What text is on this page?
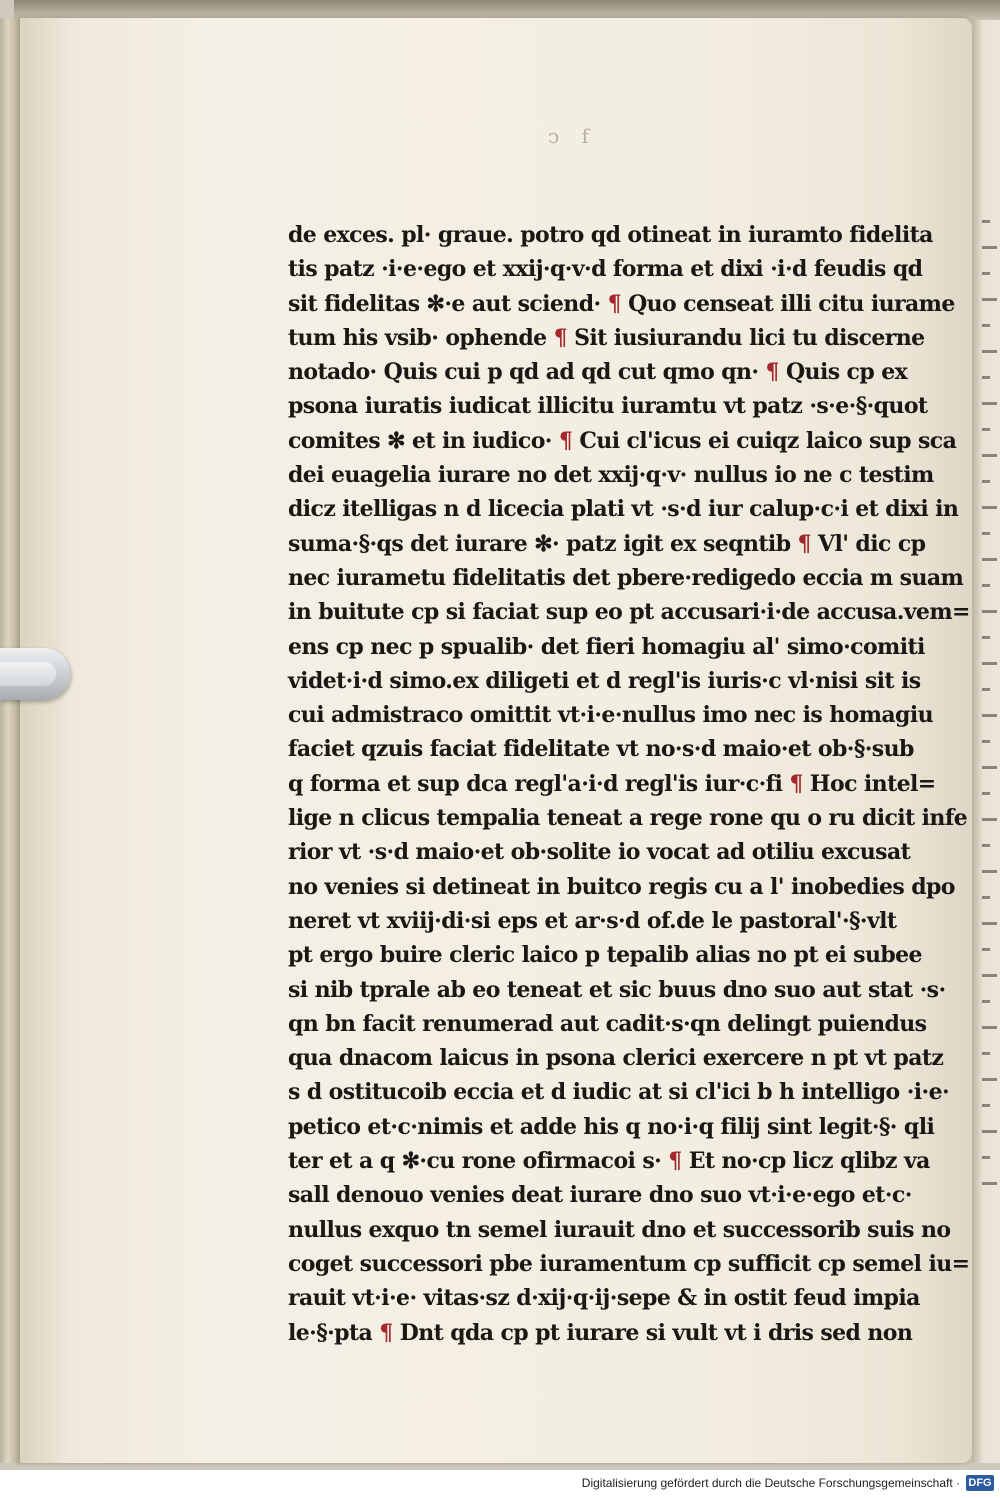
ↄ f
de exces. pl· graue. potro qd otineat in iuramto fidelita
tis patz ·i·e·ego et xxij·q·v·d forma et dixi ·i·d feudis qd
sit fidelitas ✻·e aut sciend· ¶ Quo censeat illi citu iurame
tum his vsib· ophende ¶ Sit iusiurandu lici tu discerne
notado· Quis cui p qd ad qd cut qmo qn· ¶ Quis cp ex
psona iuratis iudicat illicitu iuramtu vt patz ·s·e·§·quot
comites ✻ et in iudico· ¶ Cui cl'icus ei cuiqz laico sup sca
dei euagelia iurare no det xxij·q·v· nullus io ne c testim
dicz itelligas n d licecia plati vt ·s·d iur calup·c·i et dixi in
suma·§·qs det iurare ✻· patz igit ex seqntib ¶ Vl' dic cp
nec iurametu fidelitatis det pbere·redigedo eccia m suam
in buitute cp si faciat sup eo pt accusari·i·de accusa.vem=
ens cp nec p spualib· det fieri homagiu al' simo·comiti
videt·i·d simo.ex diligeti et d regl'is iuris·c vl·nisi sit is
cui admistraco omittit vt·i·e·nullus imo nec is homagiu
faciet qzuis faciat fidelitate vt no·s·d maio·et ob·§·sub
q forma et sup dca regl'a·i·d regl'is iur·c·fi ¶ Hoc intel=
lige n clicus tempalia teneat a rege rone qu o ru dicit infe
rior vt ·s·d maio·et ob·solite io vocat ad otiliu excusat
no venies si detineat in buitco regis cu a l' inobedies dpo
neret vt xviij·di·si eps et ar·s·d of.de le pastoral'·§·vlt
pt ergo buire cleric laico p tepalib alias no pt ei subee
si nib tprale ab eo teneat et sic buus dno suo aut stat ·s·
qn bn facit renumerad aut cadit·s·qn delingt puiendus
qua dnacom laicus in psona clerici exercere n pt vt patz
s d ostitucoib eccia et d iudic at si cl'ici b h intelligo ·i·e·
petico et·c·nimis et adde his q no·i·q filij sint legit·§· qli
ter et a q ✻·cu rone ofirmacoi s· ¶ Et no·cp licz qlibz va
sall denouo venies deat iurare dno suo vt·i·e·ego et·c·
nullus exquo tn semel iurauit dno et successorib suis no
coget successori pbe iuramentum cp sufficit cp semel iu=
rauit vt·i·e· vitas·sz d·xij·q·ij·sepe & in ostit feud impia
le·§·pta ¶ Dnt qda cp pt iurare si vult vt i dris sed non
Digitalisierung gefördert durch die Deutsche Forschungsgemeinschaft · DFG
